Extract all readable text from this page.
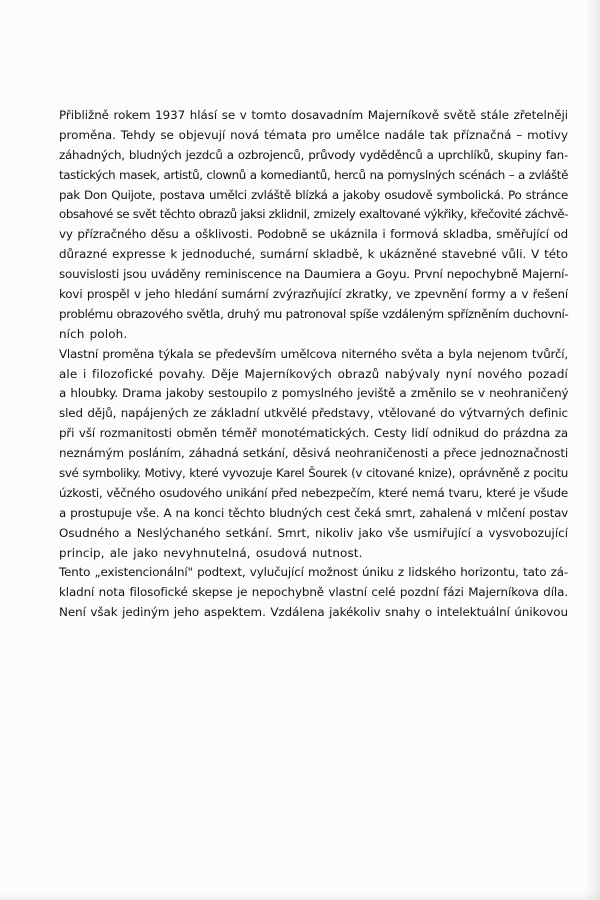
Přibližně rokem 1937 hlásí se v tomto dosavadním Majerníkově světě stále zřetelněji
proměna. Tehdy se objevují nová témata pro umělce nadále tak příznačná – motivy
záhadných, bludných jezdců a ozbrojenců, průvody vyděděnců a uprchlíků, skupiny fan-
tastických masek, artistů, clownů a komediantů, herců na pomyslných scénách – a zvláště
pak Don Quijote, postava umělci zvláště blízká a jakoby osudově symbolická. Po stránce
obsahové se svět těchto obrazů jaksi zklidnil, zmizely exaltované výkřiky, křečovité záchvě-
vy přízračného děsu a ošklivosti. Podobně se ukáznila i formová skladba, směřující od
důrazné expresse k jednoduché, sumární skladbě, k ukázněné stavebné vůli. V této
souvislosti jsou uváděny reminiscence na Daumiera a Goyu. První nepochybně Majerní-
kovi prospěl v jeho hledání sumární zvýrazňující zkratky, ve zpevnění formy a v řešení
problému obrazového světla, druhý mu patronoval spíše vzdáleným spřízněním duchovní-
ních poloh.
Vlastní proměna týkala se především umělcova niterného světa a byla nejenom tvůrčí,
ale i filozofické povahy. Děje Majerníkových obrazů nabývaly nyní nového pozadí
a hloubky. Drama jakoby sestoupilo z pomyslného jeviště a změnilo se v neohraničený
sled dějů, napájených ze základní utkvělé představy, vtělované do výtvarných definic
při vší rozmanitosti obměn téměř monotématických. Cesty lidí odnikud do prázdna za
neznámým posláním, záhadná setkání, děsivá neohraničenosti a přece jednoznačnosti
své symboliky. Motivy, které vyvozuje Karel Šourek (v citované knize), oprávněně z pocitu
úzkosti, věčného osudového unikání před nebezpečím, které nemá tvaru, které je všude
a prostupuje vše. A na konci těchto bludných cest čeká smrt, zahalená v mlčení postav
Osudného a Neslýchaného setkání. Smrt, nikoliv jako vše usmiřující a vysvobozující
princip, ale jako nevyhnutelná, osudová nutnost.
Tento „existencionální" podtext, vylučující možnost úniku z lidského horizontu, tato zá-
kladní nota filosofické skepse je nepochybně vlastní celé pozdní fázi Majerníkova díla.
Není však jediným jeho aspektem. Vzdálena jakékoliv snahy o intelektuální únikovou
